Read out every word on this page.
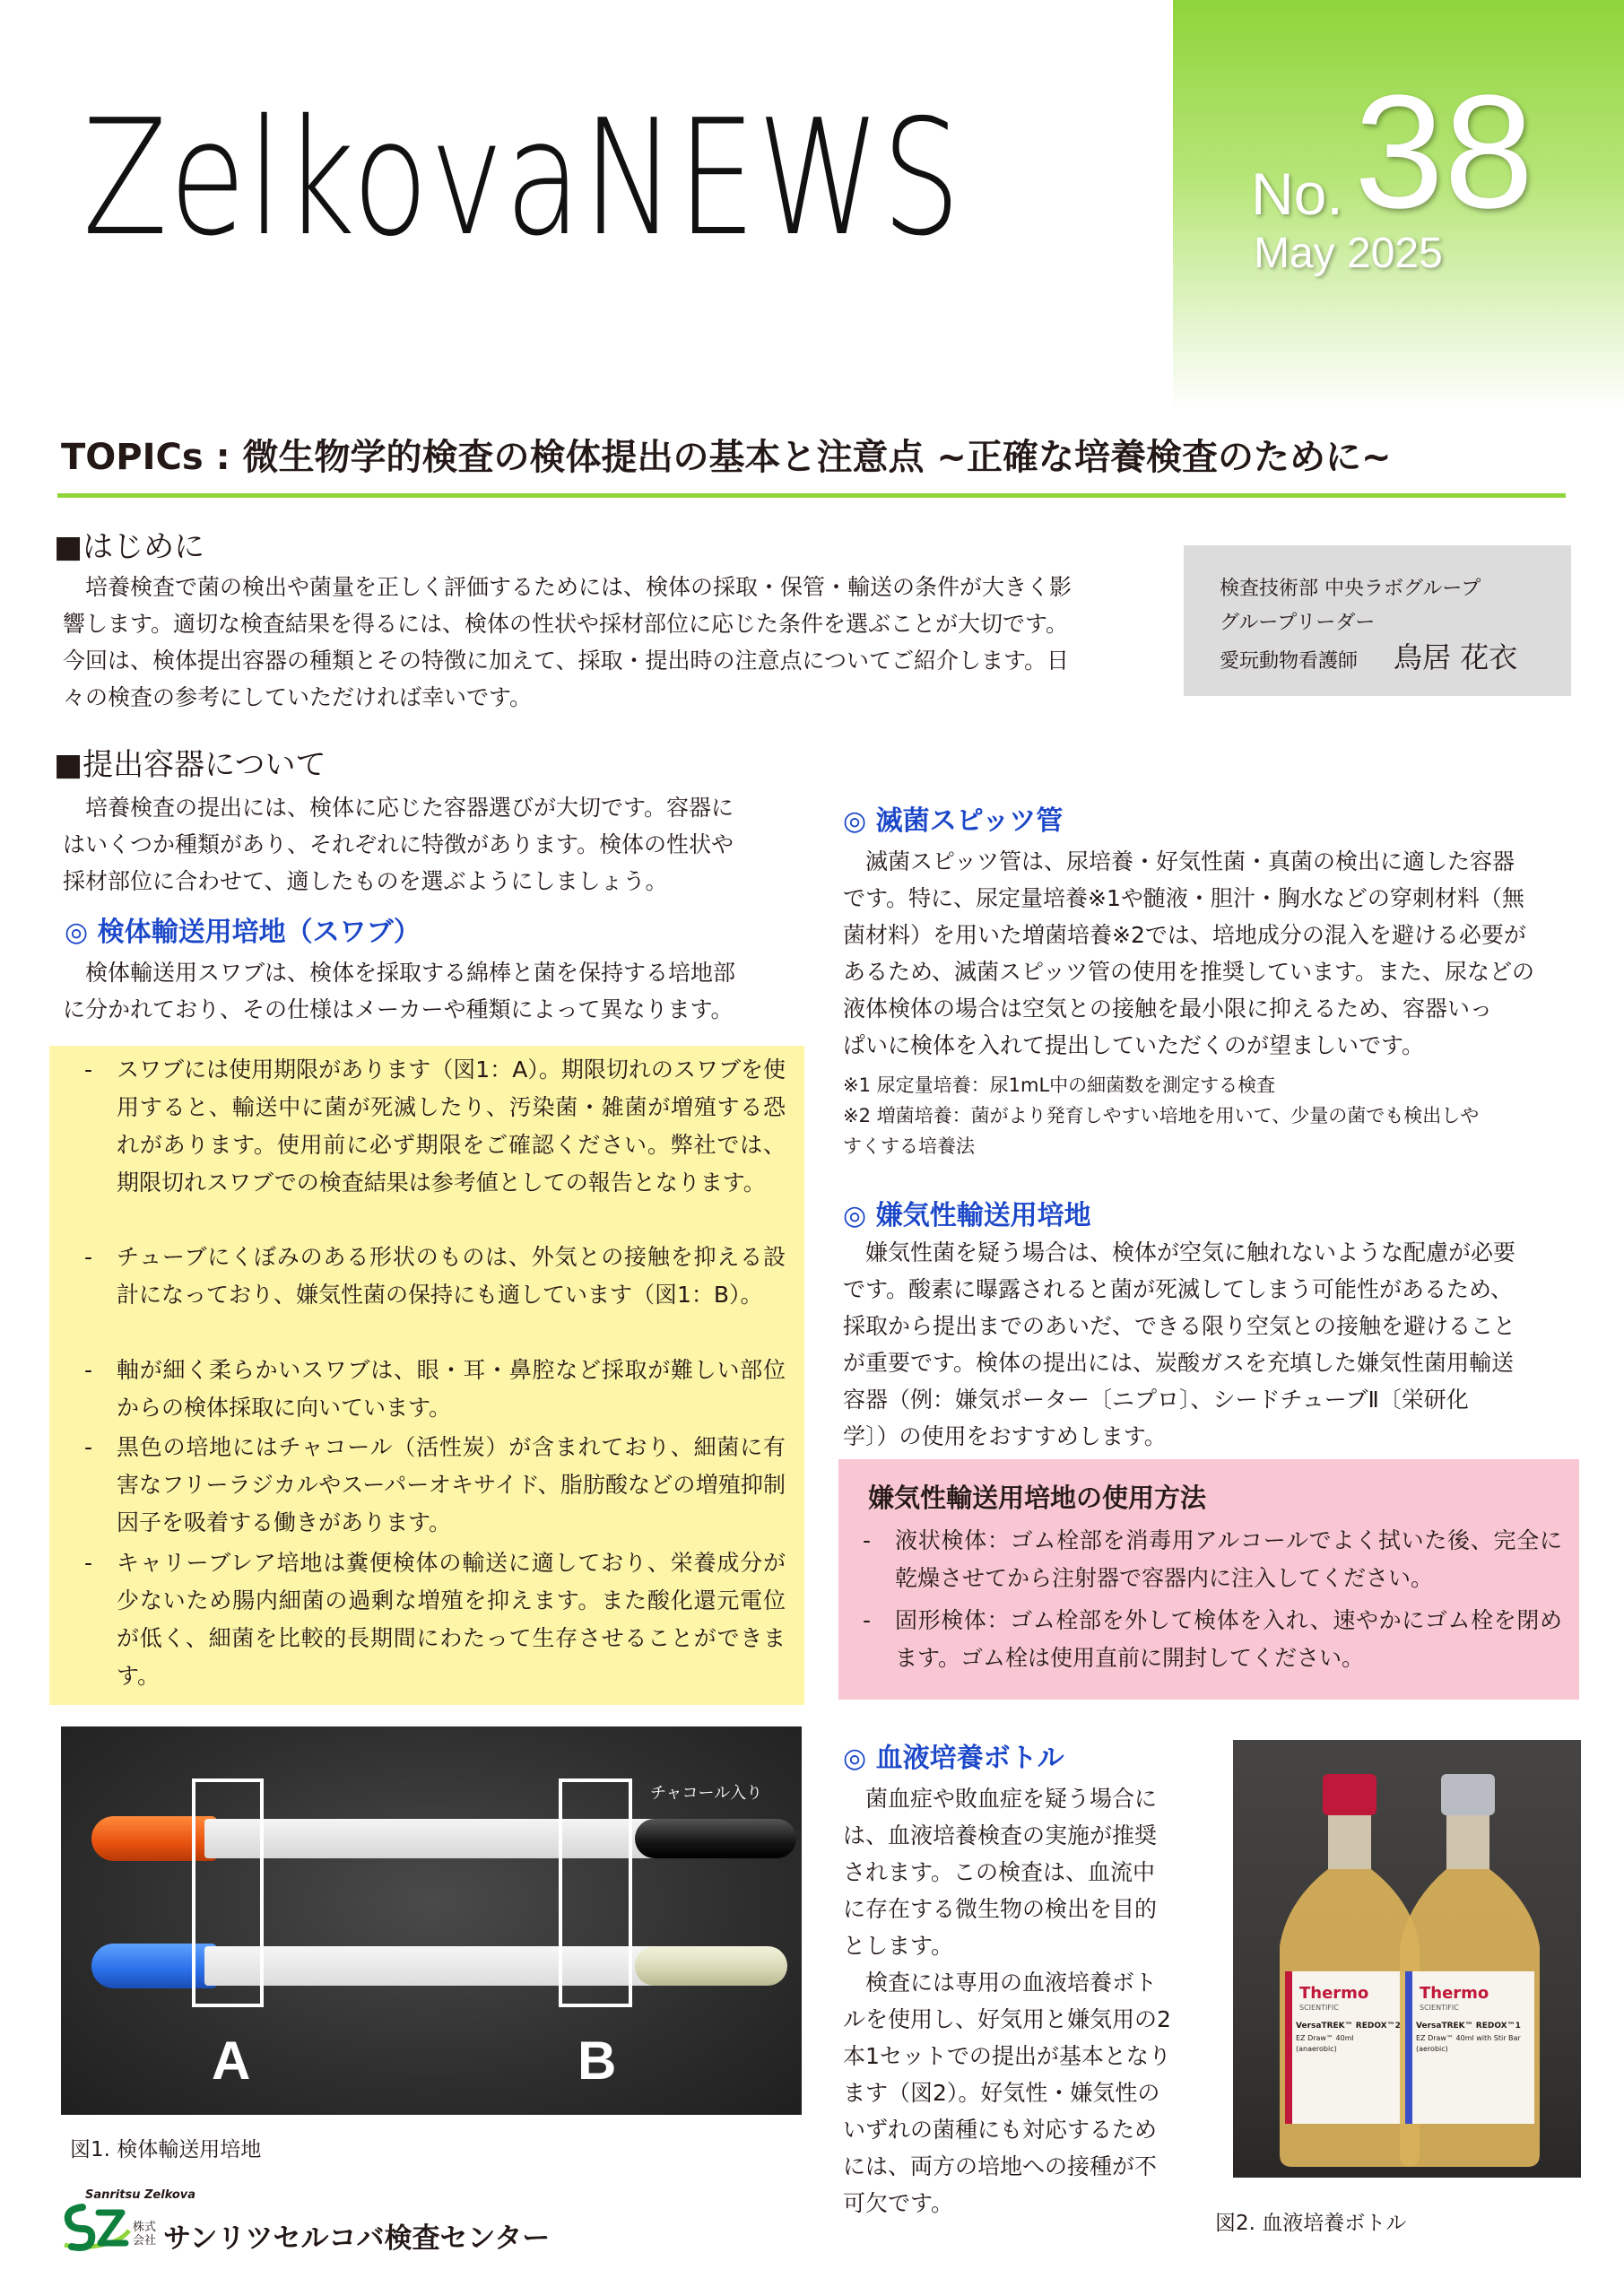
ZelkovaNEWS	No. 38
May 2025
TOPICs : 微生物学的検査の検体提出の基本と注意点 ~正確な培養検査のために~
■はじめに
　培養検査で菌の検出や菌量を正しく評価するためには、検体の採取・保管・輸送の条件が大きく影
響します。適切な検査結果を得るには、検体の性状や採材部位に応じた条件を選ぶことが大切です。
今回は、検体提出容器の種類とその特徴に加えて、採取・提出時の注意点についてご紹介します。日
々の検査の参考にしていただければ幸いです。
検査技術部 中央ラボグループ
グループリーダー
愛玩動物看護師 鳥居 花衣
■提出容器について
　培養検査の提出には、検体に応じた容器選びが大切です。容器に
はいくつか種類があり、それぞれに特徴があります。検体の性状や
採材部位に合わせて、適したものを選ぶようにしましょう。
◎ 検体輸送用培地（スワブ）
　検体輸送用スワブは、検体を採取する綿棒と菌を保持する培地部
に分かれており、その仕様はメーカーや種類によって異なります。
-	スワブには使用期限があります（図1：A）。期限切れのスワブを使用すると、輸送中に菌が死滅したり、汚染菌・雑菌が増殖する恐れがあります。使用前に必ず期限をご確認ください。弊社では、期限切れスワブでの検査結果は参考値としての報告となります。
-	チューブにくぼみのある形状のものは、外気との接触を抑える設計になっており、嫌気性菌の保持にも適しています（図1：B）。
-	軸が細く柔らかいスワブは、眼・耳・鼻腔など採取が難しい部位からの検体採取に向いています。
-	黒色の培地にはチャコール（活性炭）が含まれており、細菌に有害なフリーラジカルやスーパーオキサイド、脂肪酸などの増殖抑制因子を吸着する働きがあります。
-	キャリーブレア培地は糞便検体の輸送に適しており、栄養成分が少ないため腸内細菌の過剰な増殖を抑えます。また酸化還元電位が低く、細菌を比較的長期間にわたって生存させることができます。
A	B
チャコール入り
図1. 検体輸送用培地
◎ 滅菌スピッツ管
　滅菌スピッツ管は、尿培養・好気性菌・真菌の検出に適した容器
です。特に、尿定量培養※1や髄液・胆汁・胸水などの穿刺材料（無
菌材料）を用いた増菌培養※2では、培地成分の混入を避ける必要が
あるため、滅菌スピッツ管の使用を推奨しています。また、尿などの
液体検体の場合は空気との接触を最小限に抑えるため、容器いっ
ぱいに検体を入れて提出していただくのが望ましいです。
※1 尿定量培養：尿1mL中の細菌数を測定する検査
※2 増菌培養：菌がより発育しやすい培地を用いて、少量の菌でも検出しや
すくする培養法
◎ 嫌気性輸送用培地
　嫌気性菌を疑う場合は、検体が空気に触れないような配慮が必要
です。酸素に曝露されると菌が死滅してしまう可能性があるため、
採取から提出までのあいだ、できる限り空気との接触を避けること
が重要です。検体の提出には、炭酸ガスを充填した嫌気性菌用輸送
容器（例：嫌気ポーター〔ニプロ〕、シードチューブⅡ〔栄研化
学〕）の使用をおすすめします。
嫌気性輸送用培地の使用方法
-	液状検体：ゴム栓部を消毒用アルコールでよく拭いた後、完全に乾燥させてから注射器で容器内に注入してください。
-	固形検体：ゴム栓部を外して検体を入れ、速やかにゴム栓を閉めます。ゴム栓は使用直前に開封してください。
◎ 血液培養ボトル
　菌血症や敗血症を疑う場合に
は、血液培養検査の実施が推奨
されます。この検査は、血流中
に存在する微生物の検出を目的
とします。
　検査には専用の血液培養ボト
ルを使用し、好気用と嫌気用の2
本1セットでの提出が基本となり
ます（図2）。好気性・嫌気性の
いずれの菌種にも対応するため
には、両方の培地への接種が不
可欠です。
Thermo
SCIENTIFIC
VersaTREK™ REDOX™2
EZ Draw™ 40ml
(anaerobic)
Thermo
SCIENTIFIC
VersaTREK™ REDOX™1
EZ Draw™ 40ml with Stir Bar
(aerobic)
図2. 血液培養ボトル
Sanritsu Zelkova
株式会社 サンリツセルコバ検査センター
